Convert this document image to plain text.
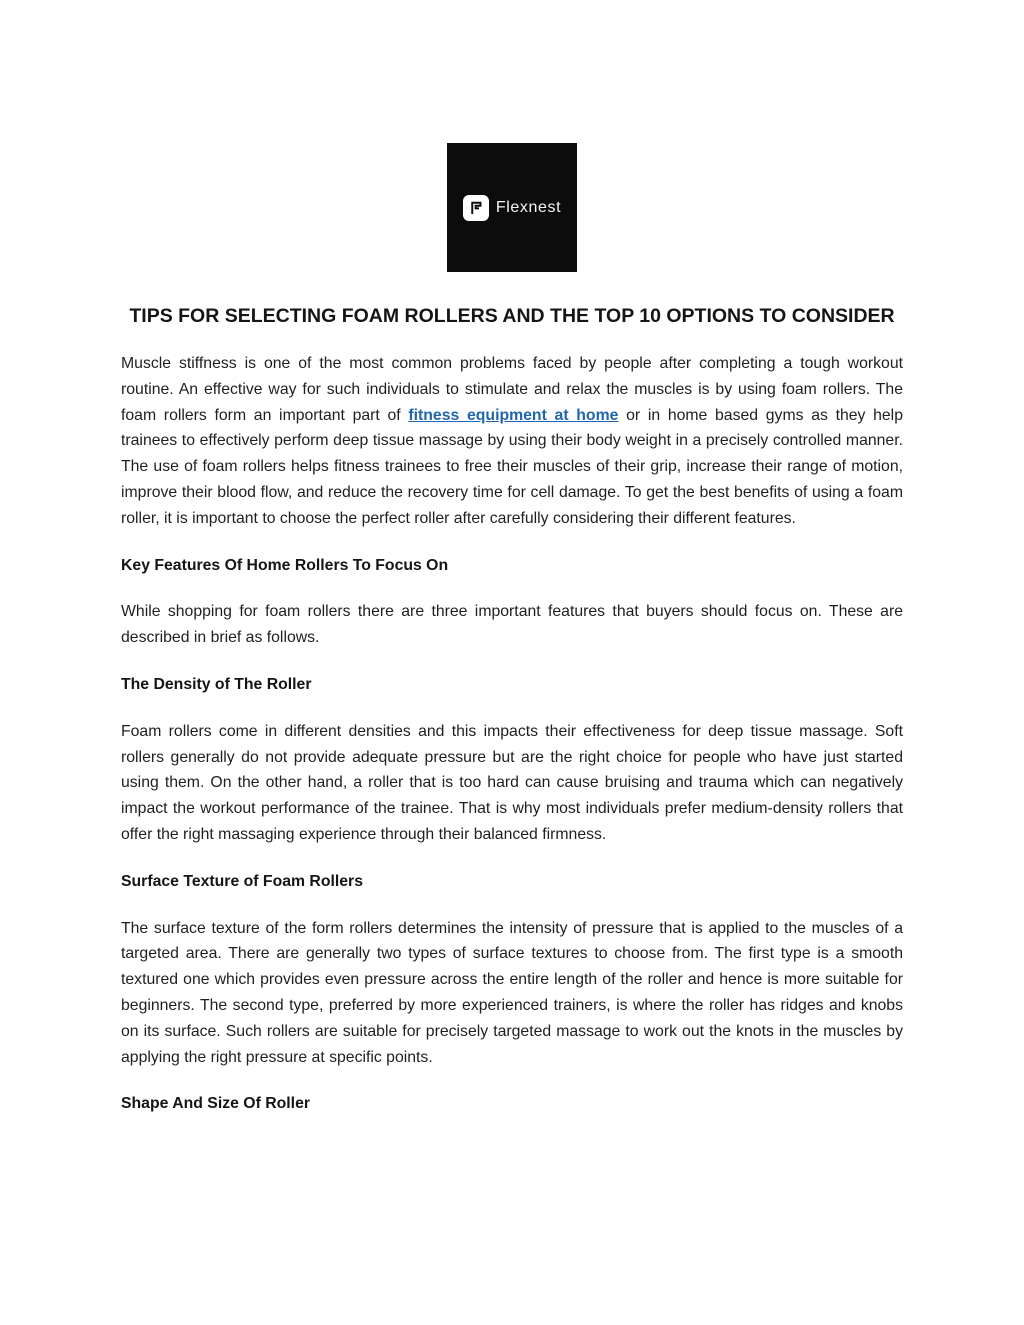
Flexnest
TIPS FOR SELECTING FOAM ROLLERS AND THE TOP 10 OPTIONS TO CONSIDER

Muscle stiffness is one of the most common problems faced by people after completing a tough workout routine. An effective way for such individuals to stimulate and relax the muscles is by using foam rollers. The foam rollers form an important part of fitness equipment at home or in home based gyms as they help trainees to effectively perform deep tissue massage by using their body weight in a precisely controlled manner. The use of foam rollers helps fitness trainees to free their muscles of their grip, increase their range of motion, improve their blood flow, and reduce the recovery time for cell damage. To get the best benefits of using a foam roller, it is important to choose the perfect roller after carefully considering their different features.

Key Features Of Home Rollers To Focus On

While shopping for foam rollers there are three important features that buyers should focus on. These are described in brief as follows.

The Density of The Roller

Foam rollers come in different densities and this impacts their effectiveness for deep tissue massage. Soft rollers generally do not provide adequate pressure but are the right choice for people who have just started using them. On the other hand, a roller that is too hard can cause bruising and trauma which can negatively impact the workout performance of the trainee. That is why most individuals prefer medium-density rollers that offer the right massaging experience through their balanced firmness.

Surface Texture of Foam Rollers

The surface texture of the form rollers determines the intensity of pressure that is applied to the muscles of a targeted area. There are generally two types of surface textures to choose from. The first type is a smooth textured one which provides even pressure across the entire length of the roller and hence is more suitable for beginners. The second type, preferred by more experienced trainers, is where the roller has ridges and knobs on its surface. Such rollers are suitable for precisely targeted massage to work out the knots in the muscles by applying the right pressure at specific points.

Shape And Size Of Roller
